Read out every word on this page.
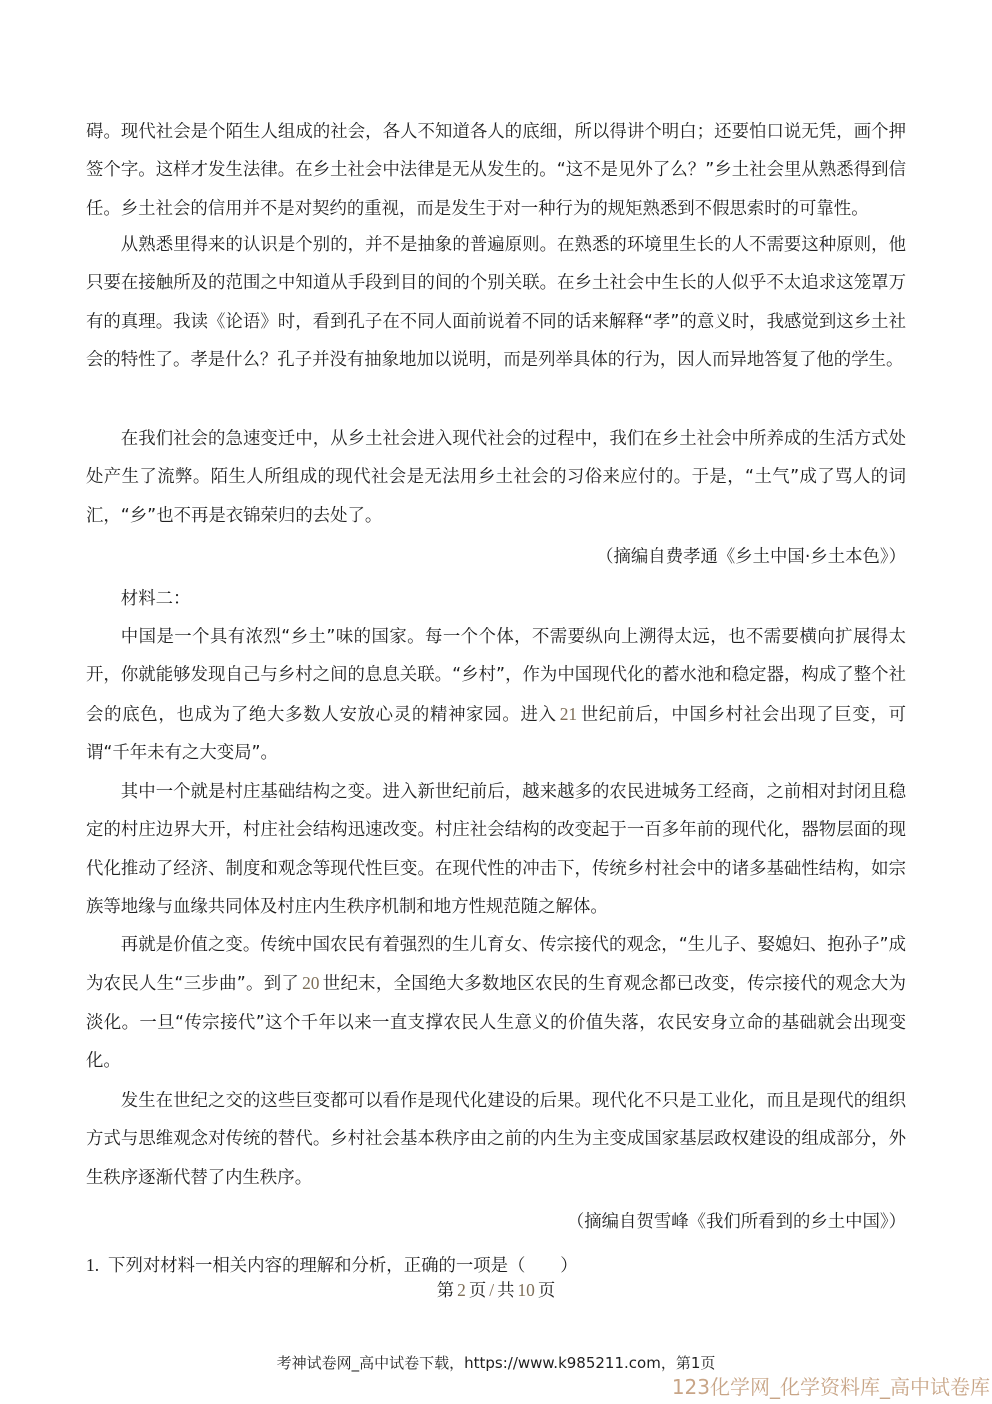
碍。现代社会是个陌生人组成的社会，各人不知道各人的底细，所以得讲个明白；还要怕口说无凭，画个押签个字。这样才发生法律。在乡土社会中法律是无从发生的。“这不是见外了么？”乡土社会里从熟悉得到信任。乡土社会的信用并不是对契约的重视，而是发生于对一种行为的规矩熟悉到不假思索时的可靠性。

从熟悉里得来的认识是个别的，并不是抽象的普遍原则。在熟悉的环境里生长的人不需要这种原则，他只要在接触所及的范围之中知道从手段到目的间的个别关联。在乡土社会中生长的人似乎不太追求这笼罩万有的真理。我读《论语》时，看到孔子在不同人面前说着不同的话来解释“孝”的意义时，我感觉到这乡土社会的特性了。孝是什么？孔子并没有抽象地加以说明，而是列举具体的行为，因人而异地答复了他的学生。

在我们社会的急速变迁中，从乡土社会进入现代社会的过程中，我们在乡土社会中所养成的生活方式处处产生了流弊。陌生人所组成的现代社会是无法用乡土社会的习俗来应付的。于是，“土气”成了骂人的词汇，“乡”也不再是衣锦荣归的去处了。

（摘编自费孝通《乡土中国·乡土本色》）

材料二：

中国是一个具有浓烈“乡土”味的国家。每一个个体，不需要纵向上溯得太远，也不需要横向扩展得太开，你就能够发现自己与乡村之间的息息关联。“乡村”，作为中国现代化的蓄水池和稳定器，构成了整个社会的底色，也成为了绝大多数人安放心灵的精神家园。进入 21 世纪前后，中国乡村社会出现了巨变，可谓“千年未有之大变局”。

其中一个就是村庄基础结构之变。进入新世纪前后，越来越多的农民进城务工经商，之前相对封闭且稳定的村庄边界大开，村庄社会结构迅速改变。村庄社会结构的改变起于一百多年前的现代化，器物层面的现代化推动了经济、制度和观念等现代性巨变。在现代性的冲击下，传统乡村社会中的诸多基础性结构，如宗族等地缘与血缘共同体及村庄内生秩序机制和地方性规范随之解体。

再就是价值之变。传统中国农民有着强烈的生儿育女、传宗接代的观念，“生儿子、娶媳妇、抱孙子”成为农民人生“三步曲”。到了 20 世纪末，全国绝大多数地区农民的生育观念都已改变，传宗接代的观念大为淡化。一旦“传宗接代”这个千年以来一直支撑农民人生意义的价值失落，农民安身立命的基础就会出现变化。

发生在世纪之交的这些巨变都可以看作是现代化建设的后果。现代化不只是工业化，而且是现代的组织方式与思维观念对传统的替代。乡村社会基本秩序由之前的内生为主变成国家基层政权建设的组成部分，外生秩序逐渐代替了内生秩序。

（摘编自贺雪峰《我们所看到的乡土中国》）

1. 下列对材料一相关内容的理解和分析，正确的一项是（　　）

第 2 页 / 共 10 页

考神试卷网_高中试卷下载，https://www.k985211.com，第1页
123化学网_化学资料库_高中试卷库
